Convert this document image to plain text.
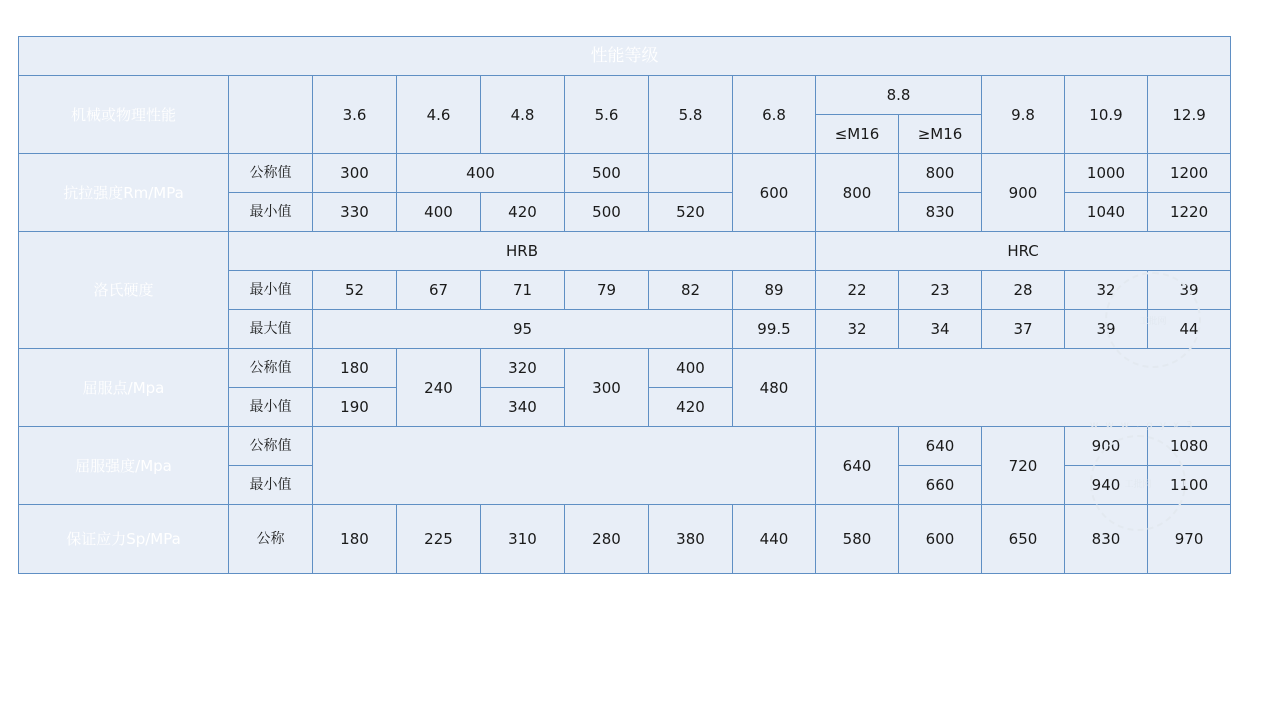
性能等级												
机械或物理性能		3.6	4.6	4.8	5.6	5.8	6.8	8.8		9.8	10.9	12.9
								≤M16	≥M16			
抗拉强度Rm/MPa	公称值	300	400		500		600	800	800	900	1000	1200
	最小值	330	400	420	500	520			830		1040	1220
洛氏硬度	HRB							HRC				
	最小值	52	67	71	79	82	89	22	23	28	32	39
	最大值	95					99.5	32	34	37	39	44
屈服点/Mpa	公称值	180	240	320	300	400	480					
	最小值	190		340		420						
屈服强度/Mpa	公称值							640	640	720	900	1080
	最小值								660		940	1100
保证应力Sp/MPa	公称	180	225	310	280	380	440	580	600	650	830	970
工批网
w w w . g y x 3
工批网
